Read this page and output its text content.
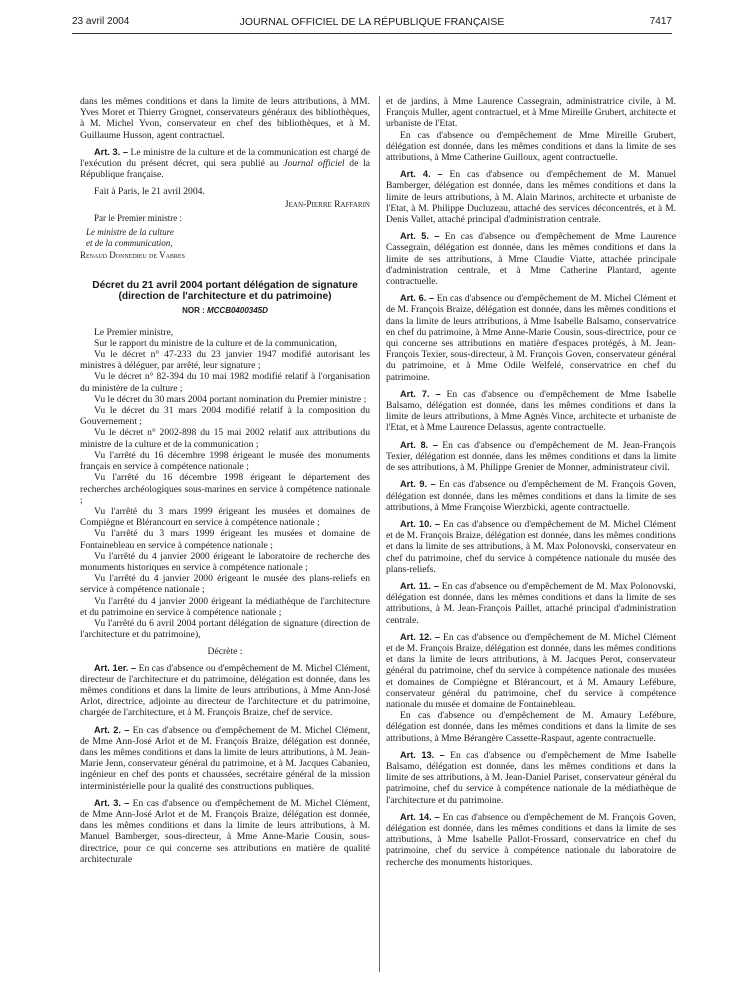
23 avril 2004	JOURNAL OFFICIEL DE LA RÉPUBLIQUE FRANÇAISE	7417

dans les mêmes conditions et dans la limite de leurs attributions, à MM. Yves Moret et Thierry Grognet, conservateurs généraux des bibliothèques, à M. Michel Yvon, conservateur en chef des bibliothèques, et à M. Guillaume Husson, agent contractuel.

Art. 3. – Le ministre de la culture et de la communication est chargé de l'exécution du présent décret, qui sera publié au Journal officiel de la République française.

Fait à Paris, le 21 avril 2004.

Jean-Pierre Raffarin

Par le Premier ministre :

Le ministre de la culture

et de la communication,

Renaud Donnedieu de Vabres

Décret du 21 avril 2004 portant délégation de signature (direction de l'architecture et du patrimoine)
NOR : MCCB0400345D

Le Premier ministre,

Sur le rapport du ministre de la culture et de la communication,

Vu le décret n° 47-233 du 23 janvier 1947 modifié autorisant les ministres à déléguer, par arrêté, leur signature ;

Vu le décret n° 82-394 du 10 mai 1982 modifié relatif à l'organisation du ministère de la culture ;

Vu le décret du 30 mars 2004 portant nomination du Premier ministre ;

Vu le décret du 31 mars 2004 modifié relatif à la composition du Gouvernement ;

Vu le décret n° 2002-898 du 15 mai 2002 relatif aux attributions du ministre de la culture et de la communication ;

Vu l'arrêté du 16 décembre 1998 érigeant le musée des monuments français en service à compétence nationale ;

Vu l'arrêté du 16 décembre 1998 érigeant le département des recherches archéologiques sous-marines en service à compétence nationale ;

Vu l'arrêté du 3 mars 1999 érigeant les musées et domaines de Compiègne et Blérancourt en service à compétence nationale ;

Vu l'arrêté du 3 mars 1999 érigeant les musées et domaine de Fontainebleau en service à compétence nationale ;

Vu l'arrêté du 4 janvier 2000 érigeant le laboratoire de recherche des monuments historiques en service à compétence nationale ;

Vu l'arrêté du 4 janvier 2000 érigeant le musée des plans-reliefs en service à compétence nationale ;

Vu l'arrêté du 4 janvier 2000 érigeant la médiathèque de l'architecture et du patrimoine en service à compétence nationale ;

Vu l'arrêté du 6 avril 2004 portant délégation de signature (direction de l'architecture et du patrimoine),

Décrète :

Art. 1er. – En cas d'absence ou d'empêchement de M. Michel Clément, directeur de l'architecture et du patrimoine, délégation est donnée, dans les mêmes conditions et dans la limite de leurs attributions, à Mme Ann-José Arlot, directrice, adjointe au directeur de l'architecture et du patrimoine, chargée de l'architecture, et à M. François Braize, chef de service.

Art. 2. – En cas d'absence ou d'empêchement de M. Michel Clément, de Mme Ann-José Arlot et de M. François Braize, délégation est donnée, dans les mêmes conditions et dans la limite de leurs attributions, à M. Jean-Marie Jenn, conservateur général du patrimoine, et à M. Jacques Cabanieu, ingénieur en chef des ponts et chaussées, secrétaire général de la mission interministérielle pour la qualité des constructions publiques.

Art. 3. – En cas d'absence ou d'empêchement de M. Michel Clément, de Mme Ann-José Arlot et de M. François Braize, délégation est donnée, dans les mêmes conditions et dans la limite de leurs attributions, à M. Manuel Bamberger, sous-directeur, à Mme Anne-Marie Cousin, sous-directrice, pour ce qui concerne ses attributions en matière de qualité architecturale

et de jardins, à Mme Laurence Cassegrain, administratrice civile, à M. François Muller, agent contractuel, et à Mme Mireille Grubert, architecte et urbaniste de l'Etat.

En cas d'absence ou d'empêchement de Mme Mireille Grubert, délégation est donnée, dans les mêmes conditions et dans la limite de ses attributions, à Mme Catherine Guilloux, agent contractuelle.

Art. 4. – En cas d'absence ou d'empêchement de M. Manuel Bamberger, délégation est donnée, dans les mêmes conditions et dans la limite de leurs attributions, à M. Alain Marinos, architecte et urbaniste de l'Etat, à M. Philippe Ducluzeau, attaché des services déconcentrés, et à M. Denis Vallet, attaché principal d'administration centrale.

Art. 5. – En cas d'absence ou d'empêchement de Mme Laurence Cassegrain, délégation est donnée, dans les mêmes conditions et dans la limite de ses attributions, à Mme Claudie Viatte, attachée principale d'administration centrale, et à Mme Catherine Plantard, agente contractuelle.

Art. 6. – En cas d'absence ou d'empêchement de M. Michel Clément et de M. François Braize, délégation est donnée, dans les mêmes conditions et dans la limite de leurs attributions, à Mme Isabelle Balsamo, conservatrice en chef du patrimoine, à Mme Anne-Marie Cousin, sous-directrice, pour ce qui concerne ses attributions en matière d'espaces protégés, à M. Jean-François Texier, sous-directeur, à M. François Goven, conservateur général du patrimoine, et à Mme Odile Welfelé, conservatrice en chef du patrimoine.

Art. 7. – En cas d'absence ou d'empêchement de Mme Isabelle Balsamo, délégation est donnée, dans les mêmes conditions et dans la limite de leurs attributions, à Mme Agnès Vince, architecte et urbaniste de l'Etat, et à Mme Laurence Delassus, agente contractuelle.

Art. 8. – En cas d'absence ou d'empêchement de M. Jean-François Texier, délégation est donnée, dans les mêmes conditions et dans la limite de ses attributions, à M. Philippe Grenier de Monner, administrateur civil.

Art. 9. – En cas d'absence ou d'empêchement de M. François Goven, délégation est donnée, dans les mêmes conditions et dans la limite de ses attributions, à Mme Françoise Wierzbicki, agente contractuelle.

Art. 10. – En cas d'absence ou d'empêchement de M. Michel Clément et de M. François Braize, délégation est donnée, dans les mêmes conditions et dans la limite de ses attributions, à M. Max Polonovski, conservateur en chef du patrimoine, chef du service à compétence nationale du musée des plans-reliefs.

Art. 11. – En cas d'absence ou d'empêchement de M. Max Polonovski, délégation est donnée, dans les mêmes conditions et dans la limite de ses attributions, à M. Jean-François Paillet, attaché principal d'administration centrale.

Art. 12. – En cas d'absence ou d'empêchement de M. Michel Clément et de M. François Braize, délégation est donnée, dans les mêmes conditions et dans la limite de leurs attributions, à M. Jacques Perot, conservateur général du patrimoine, chef du service à compétence nationale des musées et domaines de Compiègne et Blérancourt, et à M. Amaury Lefébure, conservateur général du patrimoine, chef du service à compétence nationale du musée et domaine de Fontainebleau.

En cas d'absence ou d'empêchement de M. Amaury Lefébure, délégation est donnée, dans les mêmes conditions et dans la limite de ses attributions, à Mme Bérangère Cassette-Raspaut, agente contractuelle.

Art. 13. – En cas d'absence ou d'empêchement de Mme Isabelle Balsamo, délégation est donnée, dans les mêmes conditions et dans la limite de ses attributions, à M. Jean-Daniel Pariset, conservateur général du patrimoine, chef du service à compétence nationale de la médiathèque de l'architecture et du patrimoine.

Art. 14. – En cas d'absence ou d'empêchement de M. François Goven, délégation est donnée, dans les mêmes conditions et dans la limite de ses attributions, à Mme Isabelle Pallot-Frossard, conservatrice en chef du patrimoine, chef du service à compétence nationale du laboratoire de recherche des monuments historiques.
